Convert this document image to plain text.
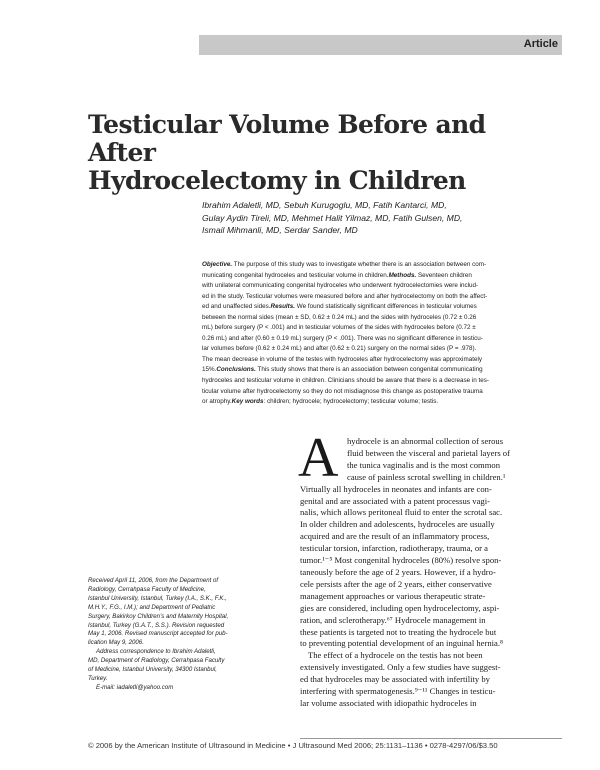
Article
Testicular Volume Before and After
Hydrocelectomy in Children
Ibrahim Adaletli, MD, Sebuh Kurugoglu, MD, Fatih Kantarci, MD,
Gulay Aydin Tireli, MD, Mehmet Halit Yilmaz, MD, Fatih Gulsen, MD,
Ismail Mihmanli, MD, Serdar Sander, MD
Objective. The purpose of this study was to investigate whether there is an association between com-
municating congenital hydroceles and testicular volume in children.Methods. Seventeen children
with unilateral communicating congenital hydroceles who underwent hydrocelectomies were includ-
ed in the study. Testicular volumes were measured before and after hydrocelectomy on both the affect-
ed and unaffected sides.Results. We found statistically significant differences in testicular volumes
between the normal sides (mean ± SD, 0.62 ± 0.24 mL) and the sides with hydroceles (0.72 ± 0.26
mL) before surgery (P < .001) and in testicular volumes of the sides with hydroceles before (0.72 ±
0.26 mL) and after (0.60 ± 0.19 mL) surgery (P < .001). There was no significant difference in testicu-
lar volumes before (0.62 ± 0.24 mL) and after (0.62 ± 0.21) surgery on the normal sides (P = .978).
The mean decrease in volume of the testes with hydroceles after hydrocelectomy was approximately
15%.Conclusions. This study shows that there is an association between congenital communicating
hydroceles and testicular volume in children. Clinicians should be aware that there is a decrease in tes-
ticular volume after hydrocelectomy so they do not misdiagnose this change as postoperative trauma
or atrophy.Key words: children; hydrocele; hydrocelectomy; testicular volume; testis.
A hydrocele is an abnormal collection of serous
fluid between the visceral and parietal layers of
the tunica vaginalis and is the most common
cause of painless scrotal swelling in children.¹
Virtually all hydroceles in neonates and infants are con-
genital and are associated with a patent processus vagi-
nalis, which allows peritoneal fluid to enter the scrotal sac.
In older children and adolescents, hydroceles are usually
acquired and are the result of an inflammatory process,
testicular torsion, infarction, radiotherapy, trauma, or a
tumor.¹⁻⁵ Most congenital hydroceles (80%) resolve spon-
taneously before the age of 2 years. However, if a hydro-
cele persists after the age of 2 years, either conservative
management approaches or various therapeutic strate-
gies are considered, including open hydrocelectomy, aspi-
ration, and sclerotherapy.⁶⁷ Hydrocele management in
these patients is targeted not to treating the hydrocele but
to preventing potential development of an inguinal hernia.⁸
The effect of a hydrocele on the testis has not been
extensively investigated. Only a few studies have suggest-
ed that hydroceles may be associated with infertility by
interfering with spermatogenesis.⁹⁻¹¹ Changes in testicu-
lar volume associated with idiopathic hydroceles in
Received April 11, 2006, from the Department of
Radiology, Cerrahpasa Faculty of Medicine,
Istanbul University, Istanbul, Turkey (I.A., S.K., F.K.,
M.H.Y., F.G., I.M.); and Department of Pediatric
Surgery, Bakirkoy Children’s and Maternity Hospital,
Istanbul, Turkey (G.A.T., S.S.). Revision requested
May 1, 2006. Revised manuscript accepted for pub-
lication May 9, 2006.
Address correspondence to Ibrahim Adaletli,
MD, Department of Radiology, Cerrahpasa Faculty
of Medicine, Istanbul University, 34300 Istanbul,
Turkey.
E-mail: iadaletli@yahoo.com
© 2006 by the American Institute of Ultrasound in Medicine • J Ultrasound Med 2006; 25:1131–1136 • 0278-4297/06/$3.50
